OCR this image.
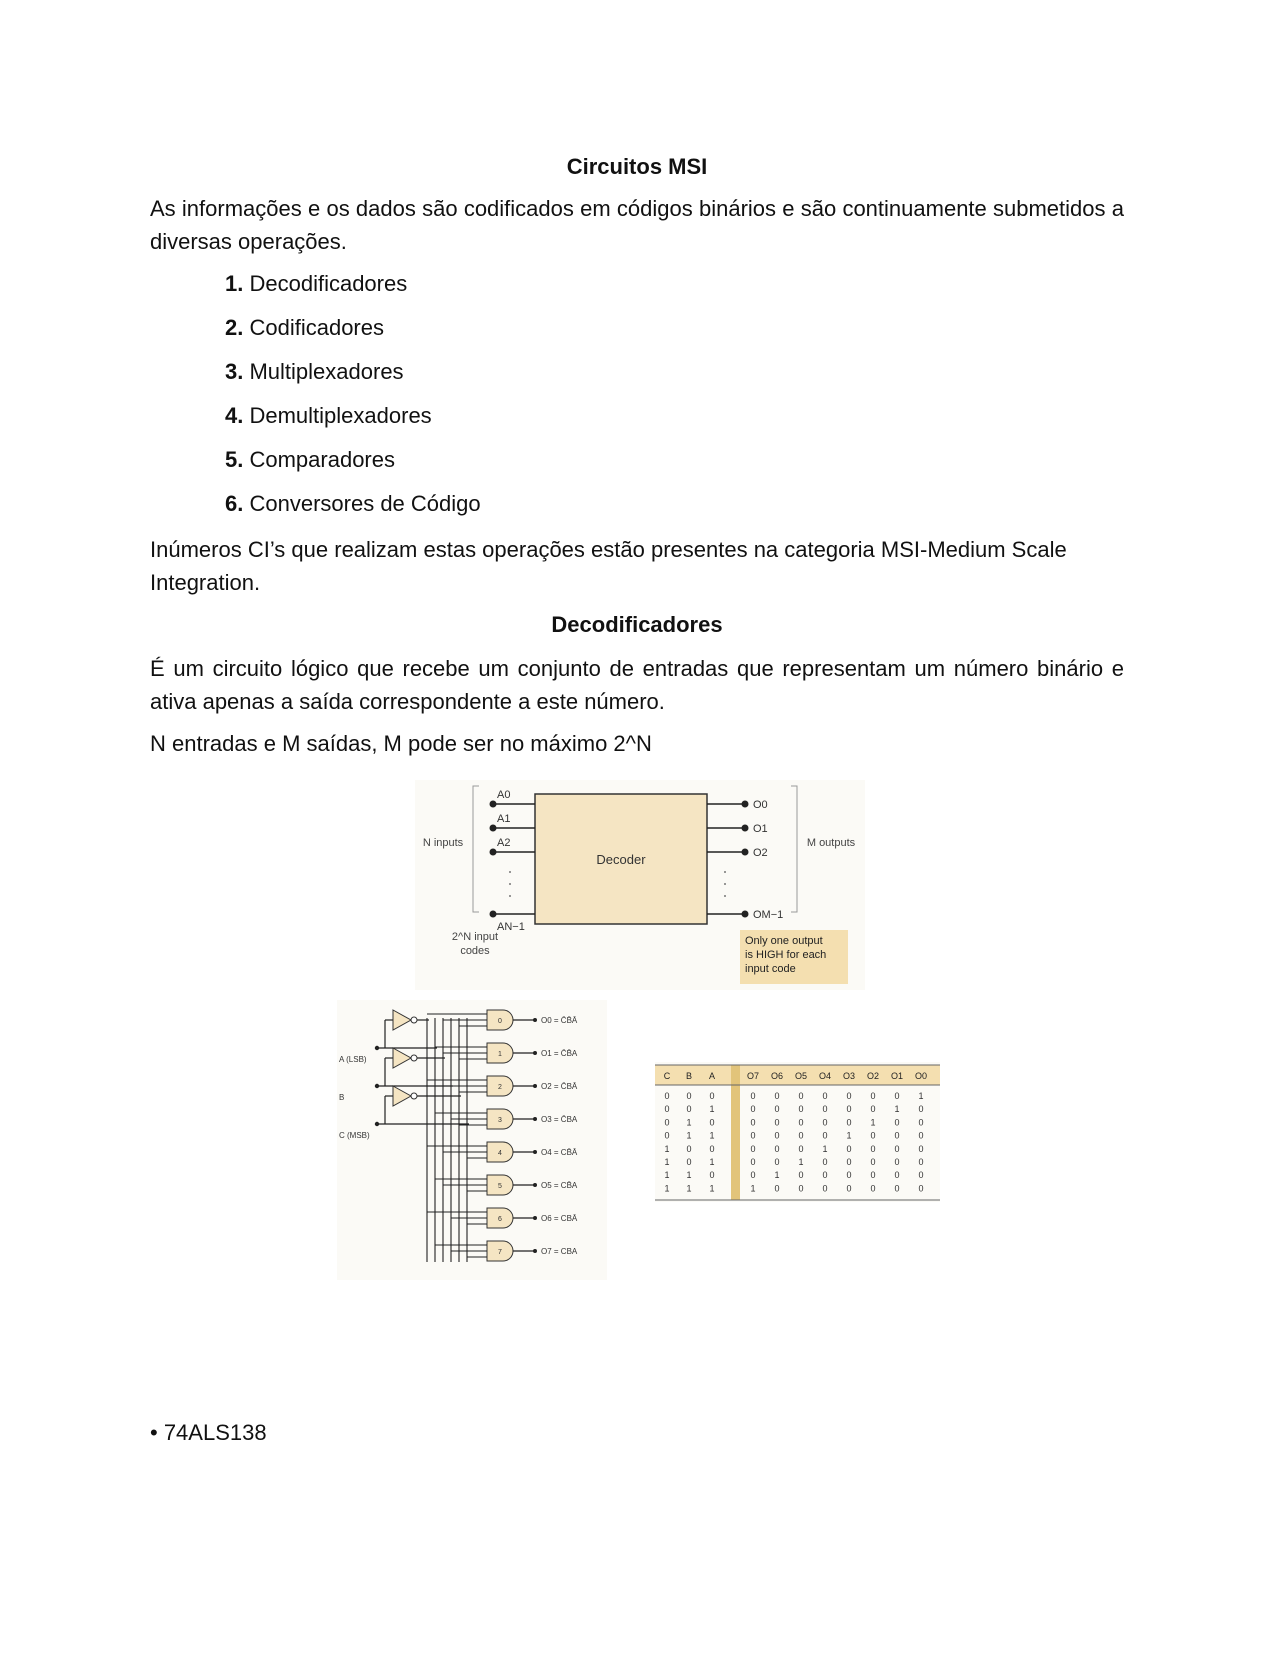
Circuitos MSI
As informações e os dados são codificados em códigos binários e são continuamente submetidos a diversas operações.
1. Decodificadores
2. Codificadores
3. Multiplexadores
4. Demultiplexadores
5. Comparadores
6. Conversores de Código
Inúmeros CI’s que realizam estas operações estão presentes na categoria MSI-Medium Scale Integration.
Decodificadores
É um circuito lógico que recebe um conjunto de entradas que representam um número binário e ativa apenas a saída correspondente a este número.
N entradas e M saídas, M pode ser no máximo 2^N
Decoder
A0
A1
A2
AN−1
O0
O1
O2
OM−1
N inputs	M outputs
2^N input codes
Only one output
is HIGH for each
input code
A (LSB)
B
C (MSB)
0	O0 = C̄B̄Ā
1	O1 = C̄B̄A
2	O2 = C̄BĀ
3	O3 = C̄BA
4	O4 = CB̄Ā
5	O5 = CB̄A
6	O6 = CBĀ
7	O7 = CBA
C B A	O7 O6 O5 O4 O3 O2 O1 O0
0 0 0	0 0 0 0 0 0 0 1
0 0 1	0 0 0 0 0 0 1 0
0 1 0	0 0 0 0 0 1 0 0
0 1 1	0 0 0 0 1 0 0 0
1 0 0	0 0 0 1 0 0 0 0
1 0 1	0 0 1 0 0 0 0 0
1 1 0	0 1 0 0 0 0 0 0
1 1 1	1 0 0 0 0 0 0 0
• 74ALS138
